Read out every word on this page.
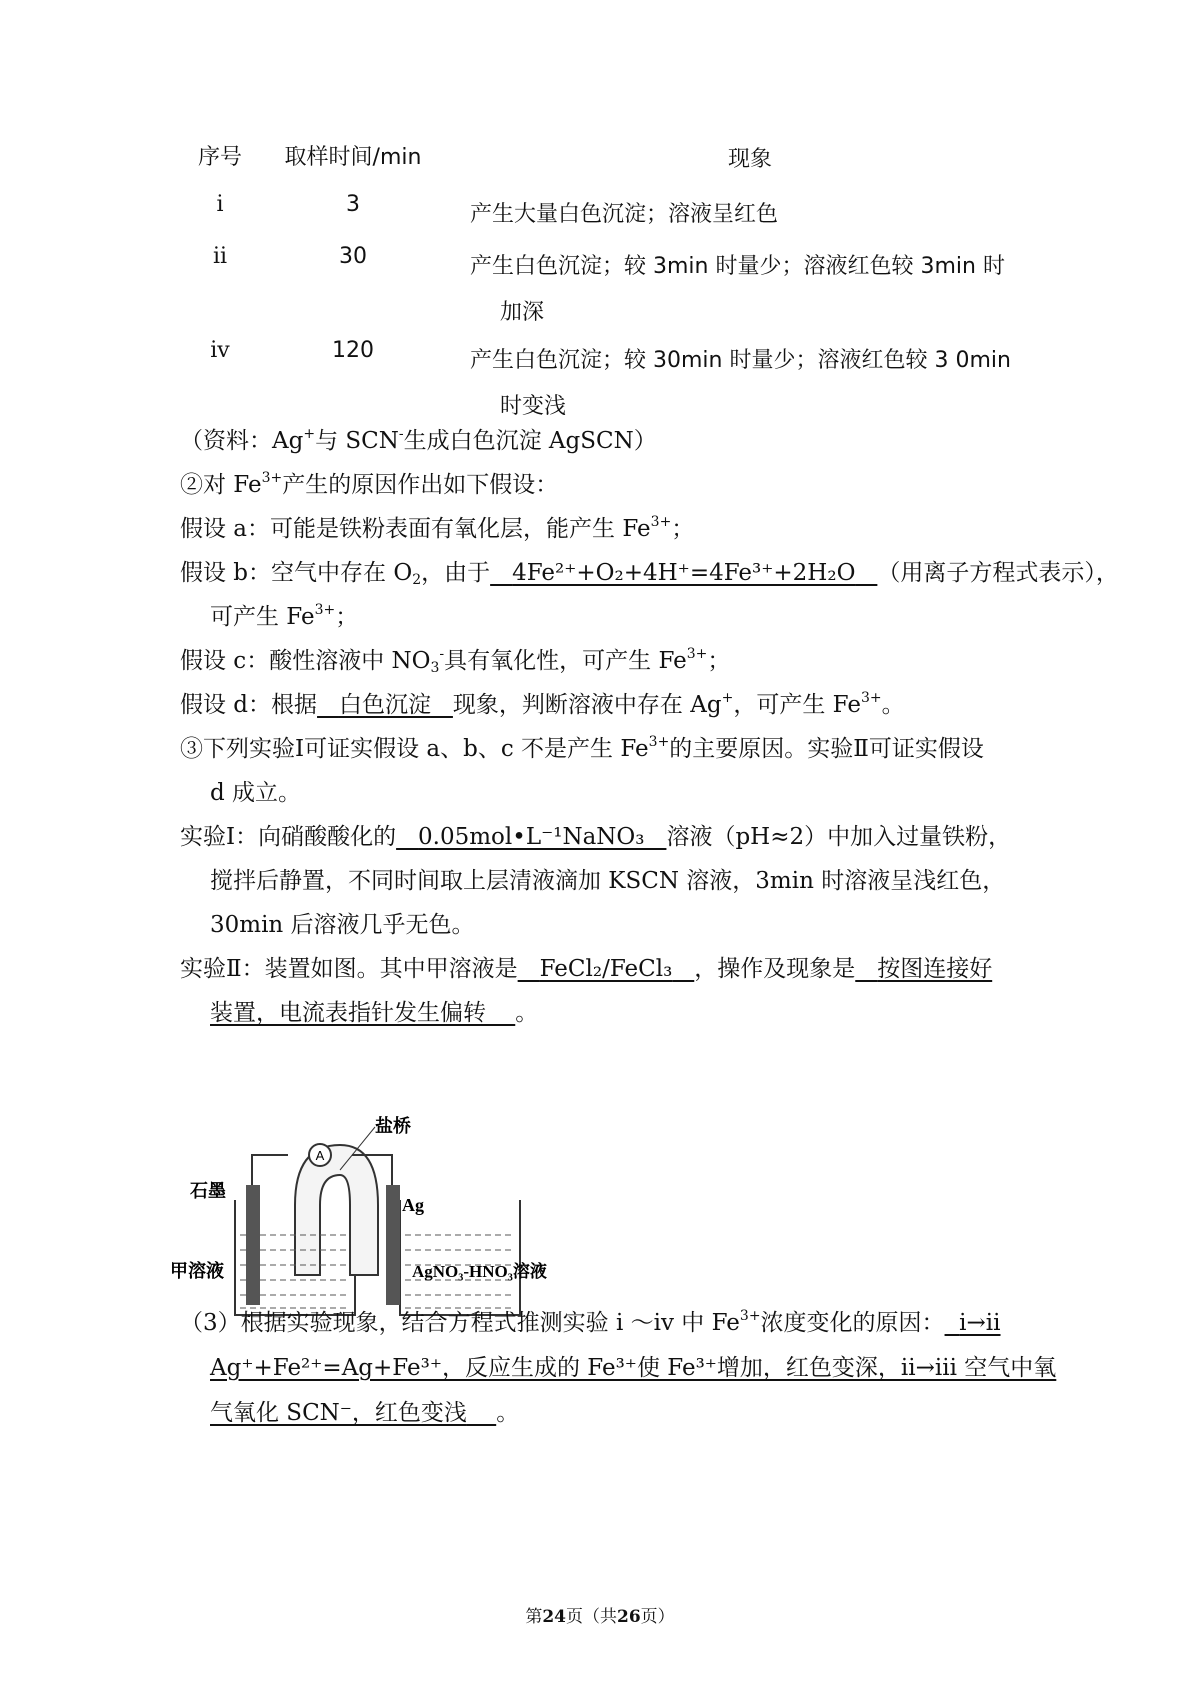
序号	取样时间/min	现象
i	3	产生大量白色沉淀；溶液呈红色
ii	30	产生白色沉淀；较 3min 时量少；溶液红色较 3min 时
加深
iv	120	产生白色沉淀；较 30min 时量少；溶液红色较 3 0min
时变浅
（资料：Ag+与 SCN-生成白色沉淀 AgSCN）
②对 $Fe^{3+}$产生的原因作出如下假设：
假设 a：可能是铁粉表面有氧化层，能产生 $Fe^{3+}$；
假设 b：空气中存在 $O_2$，由于 4Fe²⁺+O₂+4H⁺=4Fe³⁺+2H₂O （用离子方程式表示），
可产生 $Fe^{3+}$；
假设 c：酸性溶液中 $NO_3^-$具有氧化性，可产生 $Fe^{3+}$；
假设 d：根据 白色沉淀 现象，判断溶液中存在 Ag+，可产生 $Fe^{3+}$。
③下列实验Ⅰ可证实假设 a、b、c 不是产生 $Fe^{3+}$的主要原因。实验Ⅱ可证实假设
d 成立。
实验Ⅰ：向硝酸酸化的 0.05mol•L⁻¹NaNO₃ 溶液（pH≈2）中加入过量铁粉，
搅拌后静置，不同时间取上层清液滴加 KSCN 溶液，3min 时溶液呈浅红色，
30min 后溶液几乎无色。
实验Ⅱ：装置如图。其中甲溶液是 FeCl₂/FeCl₃ ，操作及现象是 按图连接好
装置，电流表指针发生偏转 。
A
盐桥
石墨
Ag
甲溶液	AgNO₃-HNO₃溶液
（3）根据实验现象，结合方程式推测实验 i ～iv 中 $Fe^{3+}$浓度变化的原因： i→ii
Ag⁺+Fe²⁺=Ag+Fe³⁺，反应生成的 Fe³⁺使 Fe³⁺增加，红色变深，ii→iii 空气中氧
气氧化 SCN⁻，红色变浅 。
第24页（共26页）
